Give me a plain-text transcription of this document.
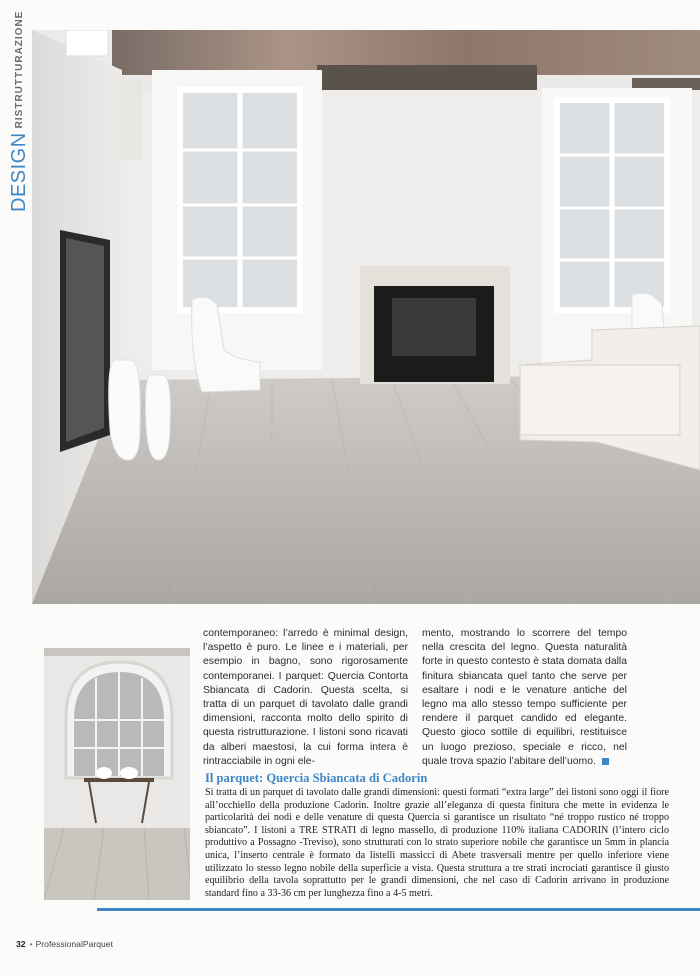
DESIGN
RISTRUTTURAZIONE
contemporaneo: l’arredo è minimal design, l’aspetto è puro. Le linee e i materiali, per esempio in bagno, sono rigorosamente contemporanei. I parquet: Quercia Contorta Sbiancata di Cadorin. Questa scelta, si tratta di un parquet di tavolato dalle grandi dimensioni, racconta molto dello spirito di questa ristrutturazione. I listoni sono ricavati da alberi maestosi, la cui forma intera è rintracciabile in ogni ele-
mento, mostrando lo scorrere del tempo nella crescita del legno. Questa naturalità forte in questo contesto è stata domata dalla finitura sbiancata quel tanto che serve per esaltare i nodi e le venature antiche del legno ma allo stesso tempo sufficiente per rendere il parquet candido ed elegante. Questo gioco sottile di equilibri, restituisce un luogo prezioso, speciale e ricco, nel quale trova spazio l’abitare dell’uomo.
Il parquet: Quercia Sbiancata di Cadorin
Si tratta di un parquet di tavolato dalle grandi dimensioni: questi formati “extra large” dei listoni sono oggi il fiore all’occhiello della produzione Cadorin. Inoltre grazie all’eleganza di questa finitura che mette in evidenza le particolarità dei nodi e delle venature di questa Quercia si garantisce un risultato “né troppo rustico né troppo sbiancato”. I listoni a TRE STRATI di legno massello, di produzione 110% italiana CADORIN (l’intero ciclo produttivo a Possagno -Treviso), sono strutturati con lo strato superiore nobile che garantisce un 5mm in plancia unica, l’inserto centrale è formato da listelli massicci di Abete trasversali mentre per quello inferiore viene utilizzato lo stesso legno nobile della superficie a vista. Questa struttura a tre strati incrociati garantisce il giusto equilibrio della tavola soprattutto per le grandi dimensioni, che nel caso di Cadorin arrivano in produzione standard fino a 33-36 cm per lunghezza fino a 4-5 metri.
32 • ProfessionalParquet
